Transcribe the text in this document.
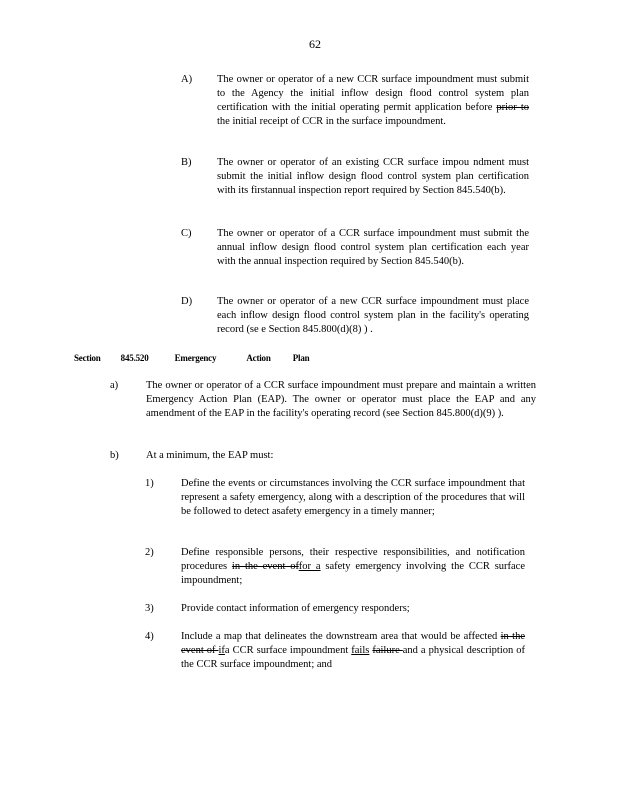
62
A) The owner or operator of a new CCR surface impoundment must submit to the Agency the initial inflow design flood control system plan certification with the initial operating permit application before prior to the initial receipt of CCR in the surface impoundment.
B) The owner or operator of an existing CCR surface impou ndment must submit the initial inflow design flood control system plan certification with its firstannual inspection report required by Section 845.540(b).
C) The owner or operator of a CCR surface impoundment must submit the annual inflow design flood control system plan certification each year with the annual inspection required by Section 845.540(b).
D) The owner or operator of a new CCR surface impoundment must place each inflow design flood control system plan in the facility's operating record (se e Section 845.800(d)(8) ) .
Section 845.520	Emergency	Action Plan
a)	The owner or operator of a CCR surface impoundment must prepare and maintain a written Emergency Action Plan (EAP). The owner or operator must place the EAP and any amendment of the EAP in the facility's operating record (see Section 845.800(d)(9) ).
b)	At a minimum, the EAP must:
1)	Define the events or circumstances involving the CCR surface impoundment that represent a safety emergency, along with a description of the procedures that will be followed to detect asafety emergency in a timely manner;
2)	Define responsible persons, their respective responsibilities, and notification procedures in the event offor a safety emergency involving the CCR surface impoundment;
3)	Provide contact information of emergency responders;
4)	Include a map that delineates the downstream area that would be affected in the event of ifa CCR surface impoundment fails failure and a physical description of the CCR surface impoundment; and
